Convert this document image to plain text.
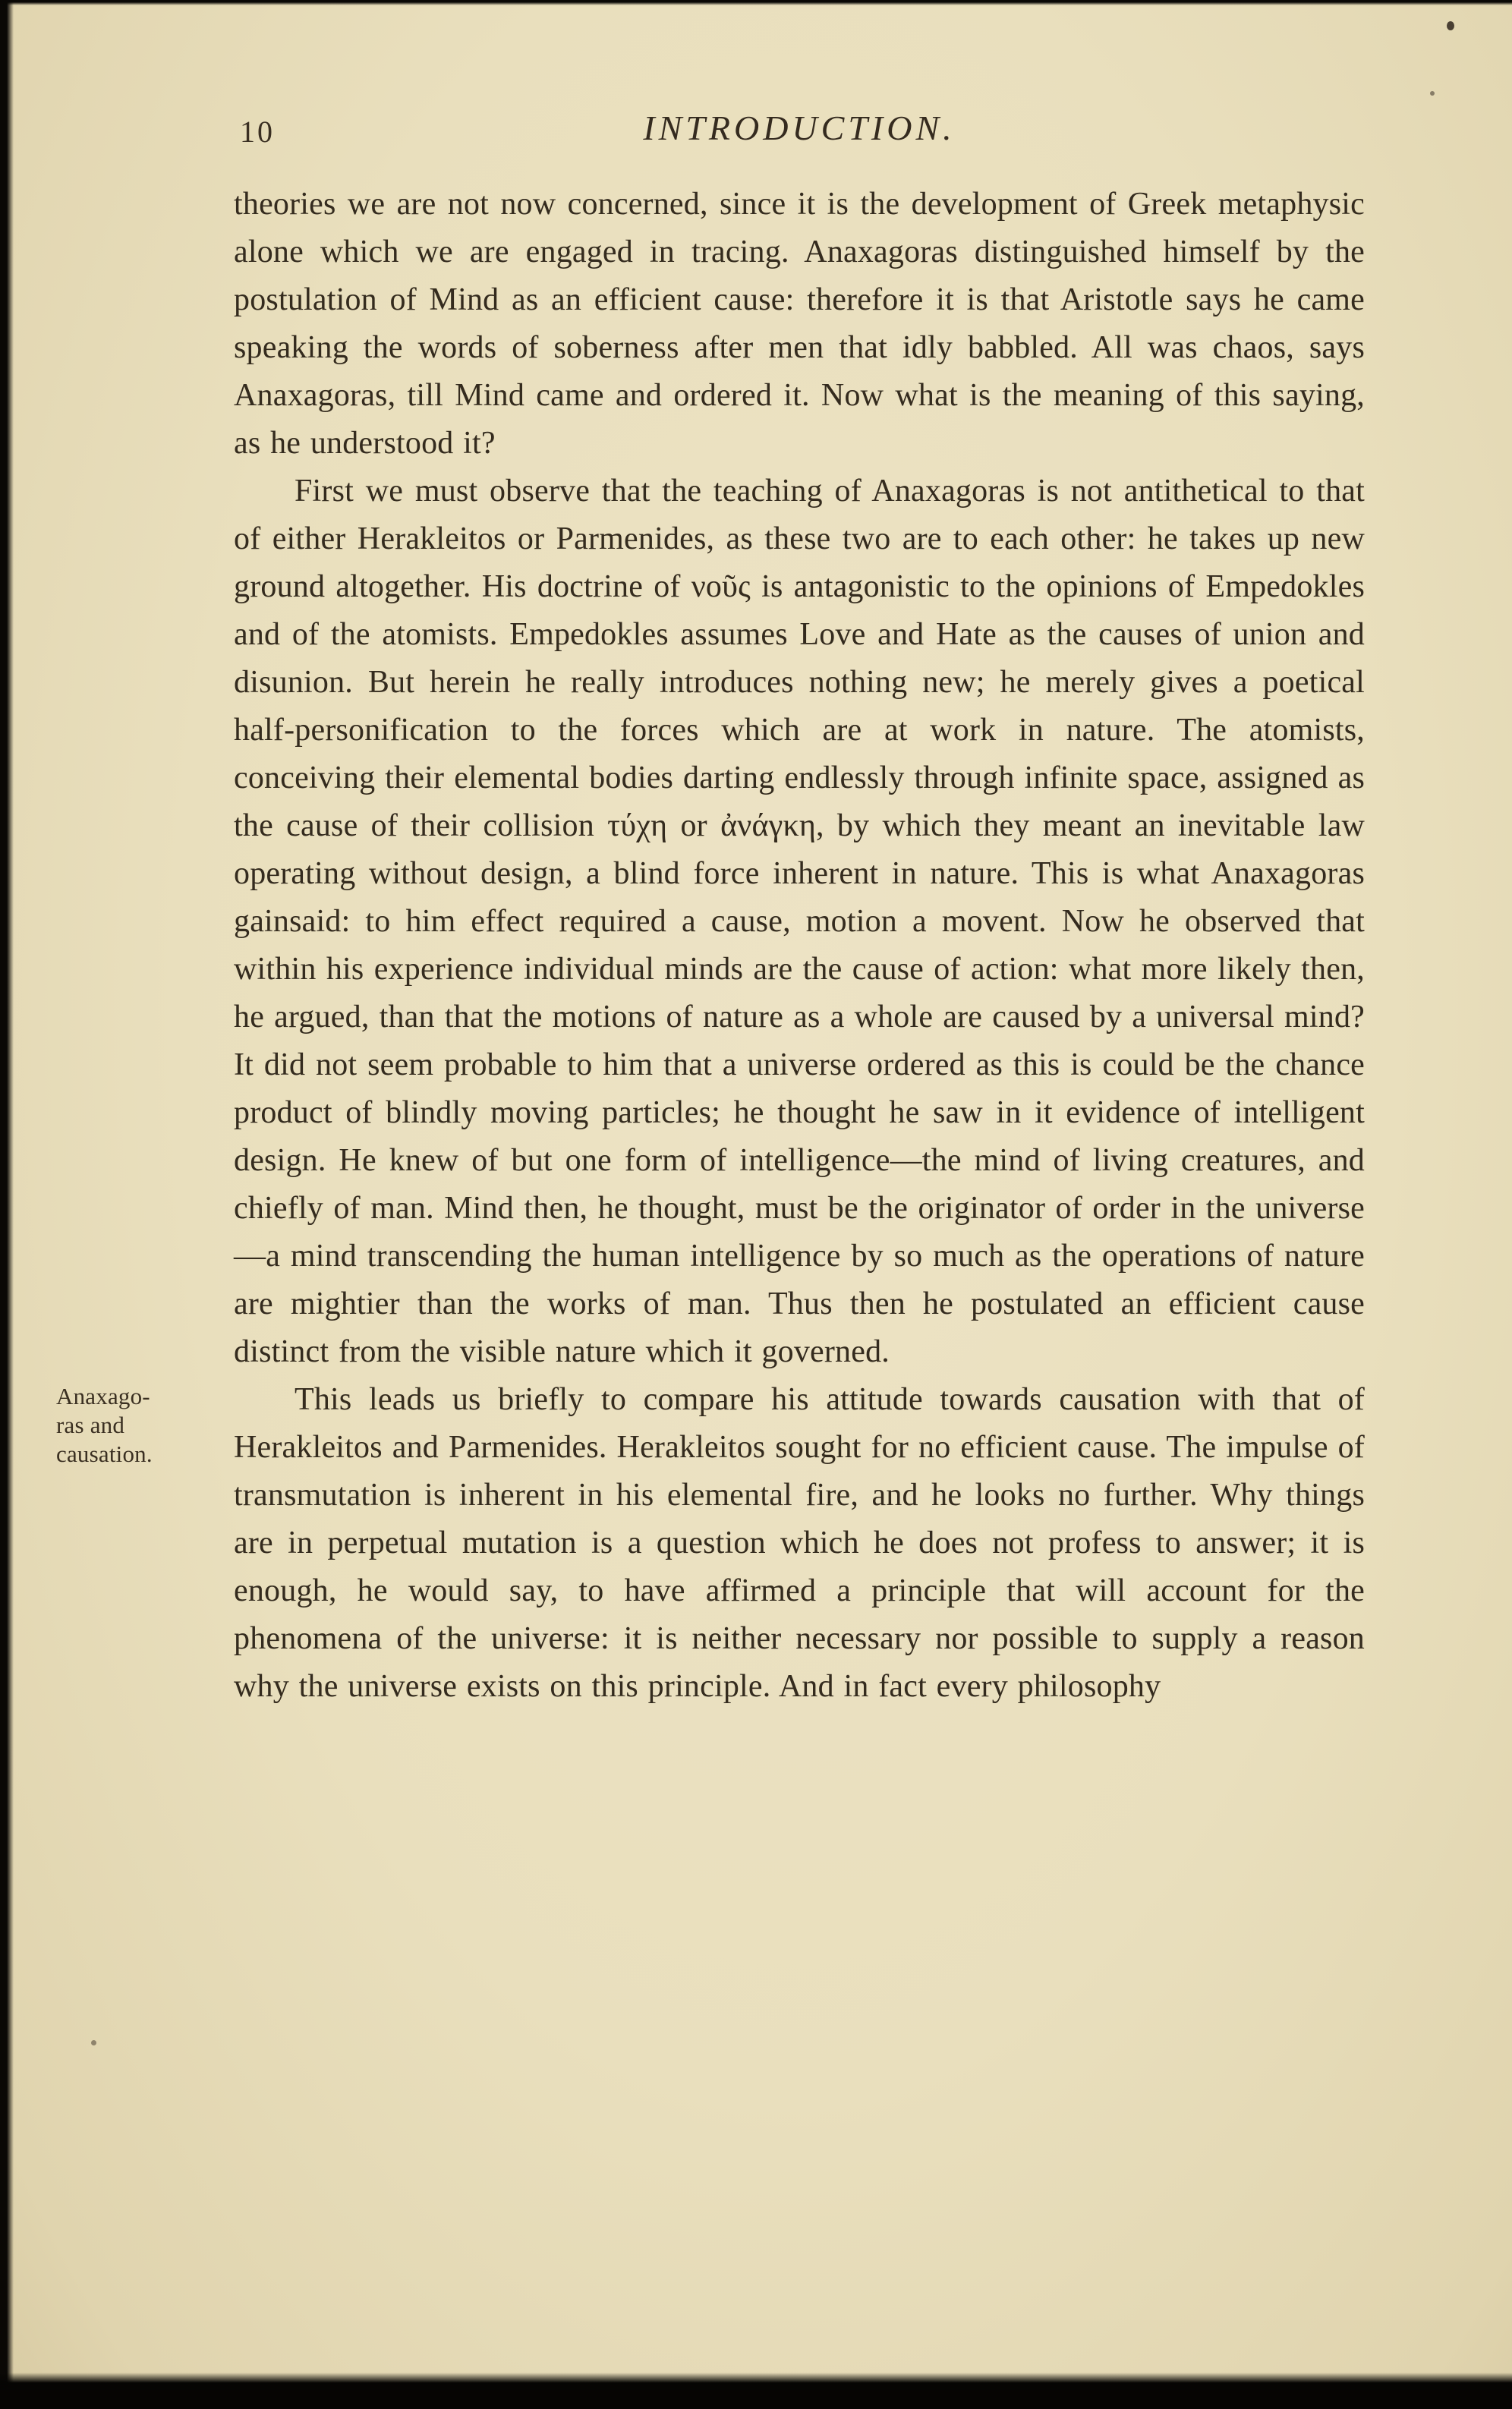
10	INTRODUCTION.

theories we are not now concerned, since it is the development of Greek metaphysic alone which we are engaged in tracing. Anaxagoras distinguished himself by the postulation of Mind as an efficient cause: therefore it is that Aristotle says he came speaking the words of soberness after men that idly babbled. All was chaos, says Anaxagoras, till Mind came and ordered it. Now what is the meaning of this saying, as he understood it?

First we must observe that the teaching of Anaxagoras is not antithetical to that of either Herakleitos or Parmenides, as these two are to each other: he takes up new ground altogether. His doctrine of νοῦς is antagonistic to the opinions of Empedokles and of the atomists. Empedokles assumes Love and Hate as the causes of union and disunion. But herein he really introduces nothing new; he merely gives a poetical half-personification to the forces which are at work in nature. The atomists, conceiving their elemental bodies darting endlessly through infinite space, assigned as the cause of their collision τύχη or ἀνάγκη, by which they meant an inevitable law operating without design, a blind force inherent in nature. This is what Anaxagoras gainsaid: to him effect required a cause, motion a movent. Now he observed that within his experience individual minds are the cause of action: what more likely then, he argued, than that the motions of nature as a whole are caused by a universal mind? It did not seem probable to him that a universe ordered as this is could be the chance product of blindly moving particles; he thought he saw in it evidence of intelligent design. He knew of but one form of intelligence—the mind of living creatures, and chiefly of man. Mind then, he thought, must be the originator of order in the universe—a mind transcending the human intelligence by so much as the operations of nature are mightier than the works of man. Thus then he postulated an efficient cause distinct from the visible nature which it governed.

Anaxago-
ras and
causation.

This leads us briefly to compare his attitude towards causation with that of Herakleitos and Parmenides. Herakleitos sought for no efficient cause. The impulse of transmutation is inherent in his elemental fire, and he looks no further. Why things are in perpetual mutation is a question which he does not profess to answer; it is enough, he would say, to have affirmed a principle that will account for the phenomena of the universe: it is neither necessary nor possible to supply a reason why the universe exists on this principle. And in fact every philosophy
